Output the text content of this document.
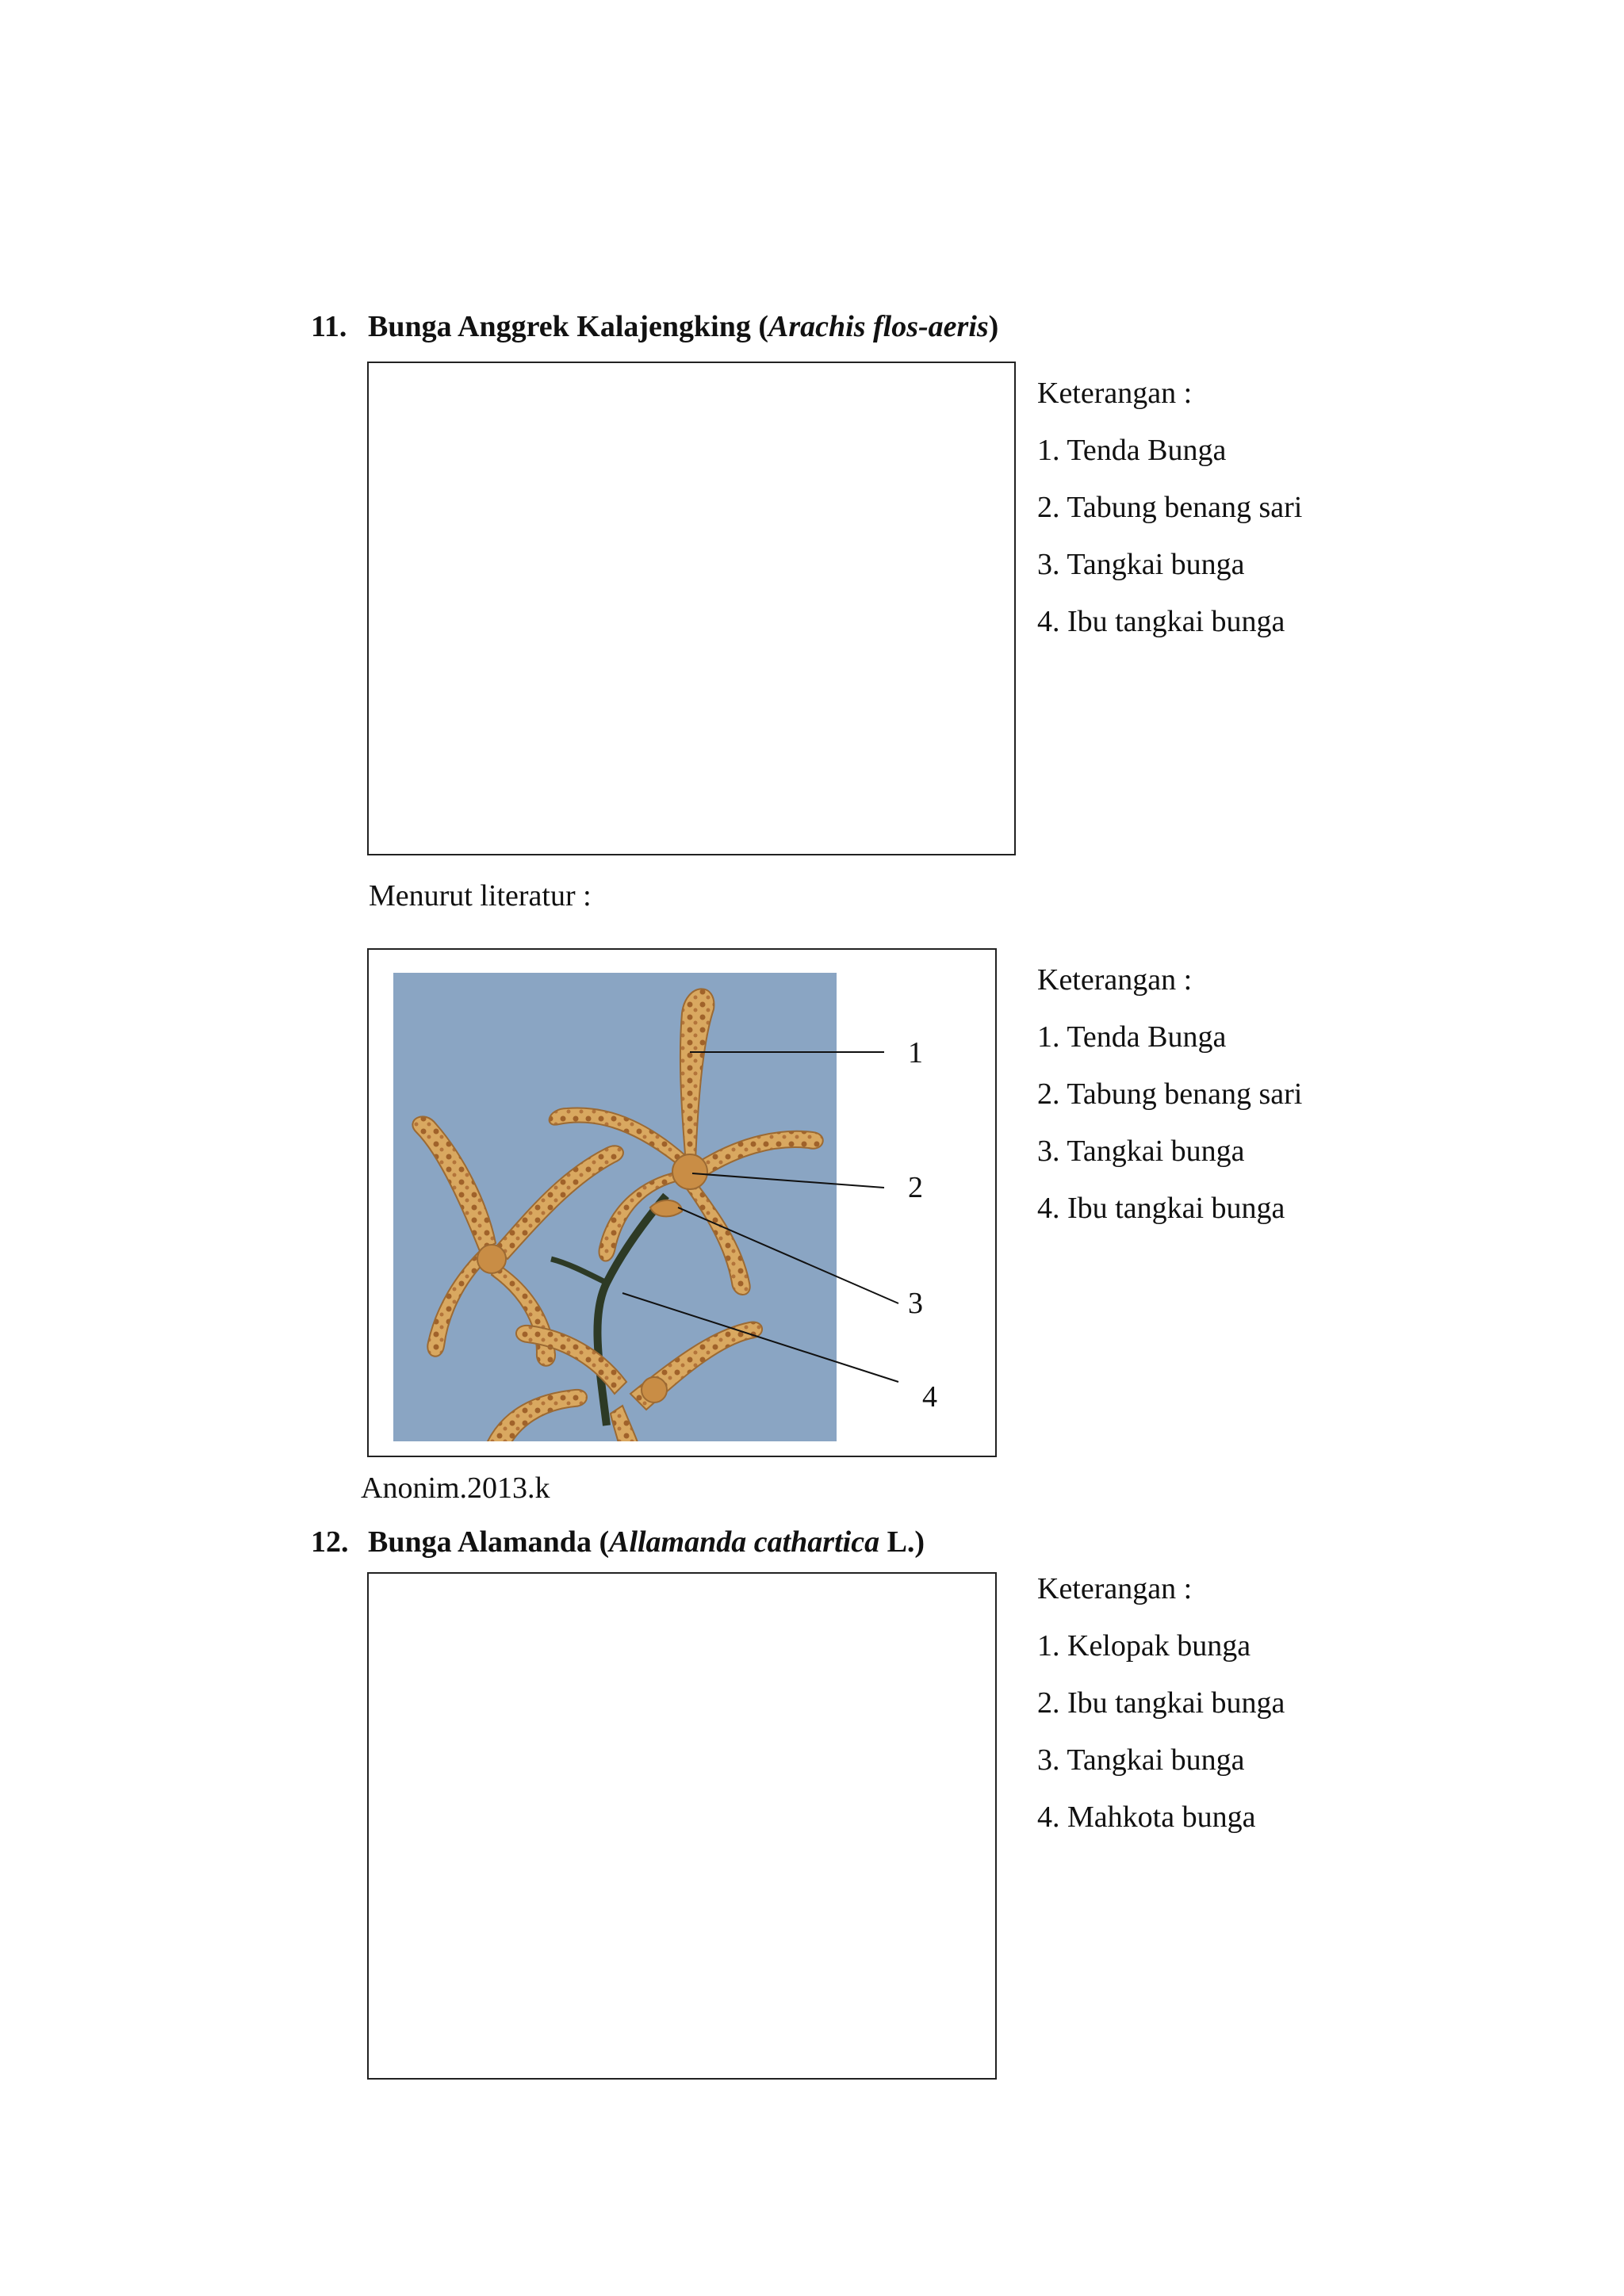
11. Bunga Anggrek Kalajengking (Arachis flos-aeris)
Keterangan :
1. Tenda Bunga
2. Tabung benang sari
3. Tangkai bunga
4. Ibu tangkai bunga
Menurut literatur :
1
2
3
4
Keterangan :
1. Tenda Bunga
2. Tabung benang sari
3. Tangkai bunga
4. Ibu tangkai bunga
Anonim.2013.k
12. Bunga Alamanda (Allamanda cathartica L.)
Keterangan :
1. Kelopak bunga
2. Ibu tangkai bunga
3. Tangkai bunga
4. Mahkota bunga
